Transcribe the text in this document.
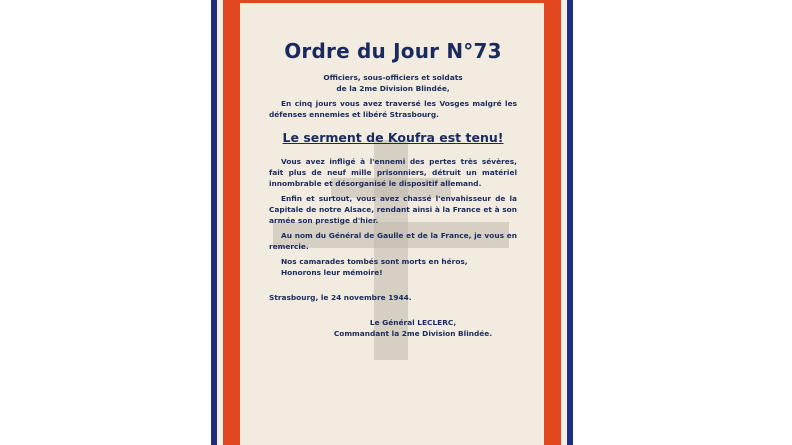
Ordre du Jour N°73
Officiers, sous-officiers et soldats
de la 2me Division Blindée,
En cinq jours vous avez traversé les Vosges malgré les défenses ennemies et libéré Strasbourg.
Le serment de Koufra est tenu!
Vous avez infligé à l'ennemi des pertes très sévères, fait plus de neuf mille prisonniers, détruit un matériel innombrable et désorganisé le dispositif allemand.
Enfin et surtout, vous avez chassé l'envahisseur de la Capitale de notre Alsace, rendant ainsi à la France et à son armée son prestige d'hier.
Au nom du Général de Gaulle et de la France, je vous en remercie.
Nos camarades tombés sont morts en héros,
Honorons leur mémoire!
Strasbourg, le 24 novembre 1944.
Le Général LECLERC,
Commandant la 2me Division Blindée.
